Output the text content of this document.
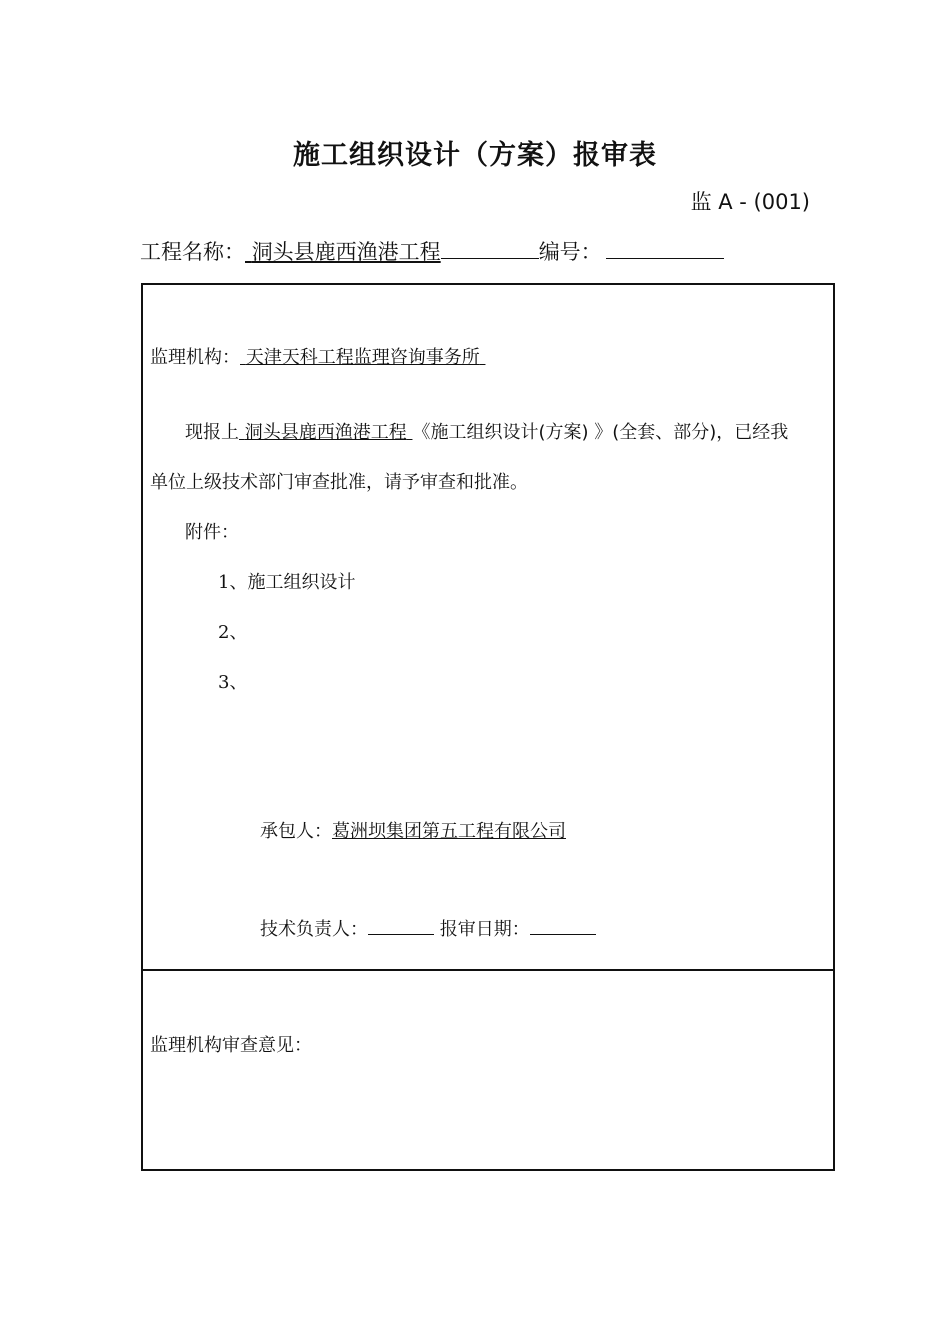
施工组织设计（方案）报审表
监 A - (001)
工程名称： 洞头县鹿西渔港工程	编号：
监理机构： 天津天科工程监理咨询事务所
现报上 洞头县鹿西渔港工程 《施工组织设计(方案) 》(全套、部分)，已经我
单位上级技术部门审查批准，请予审查和批准。
附件：
1、施工组织设计
2、
3、
承包人：葛洲坝集团第五工程有限公司
技术负责人：	报审日期：
监理机构审查意见：
